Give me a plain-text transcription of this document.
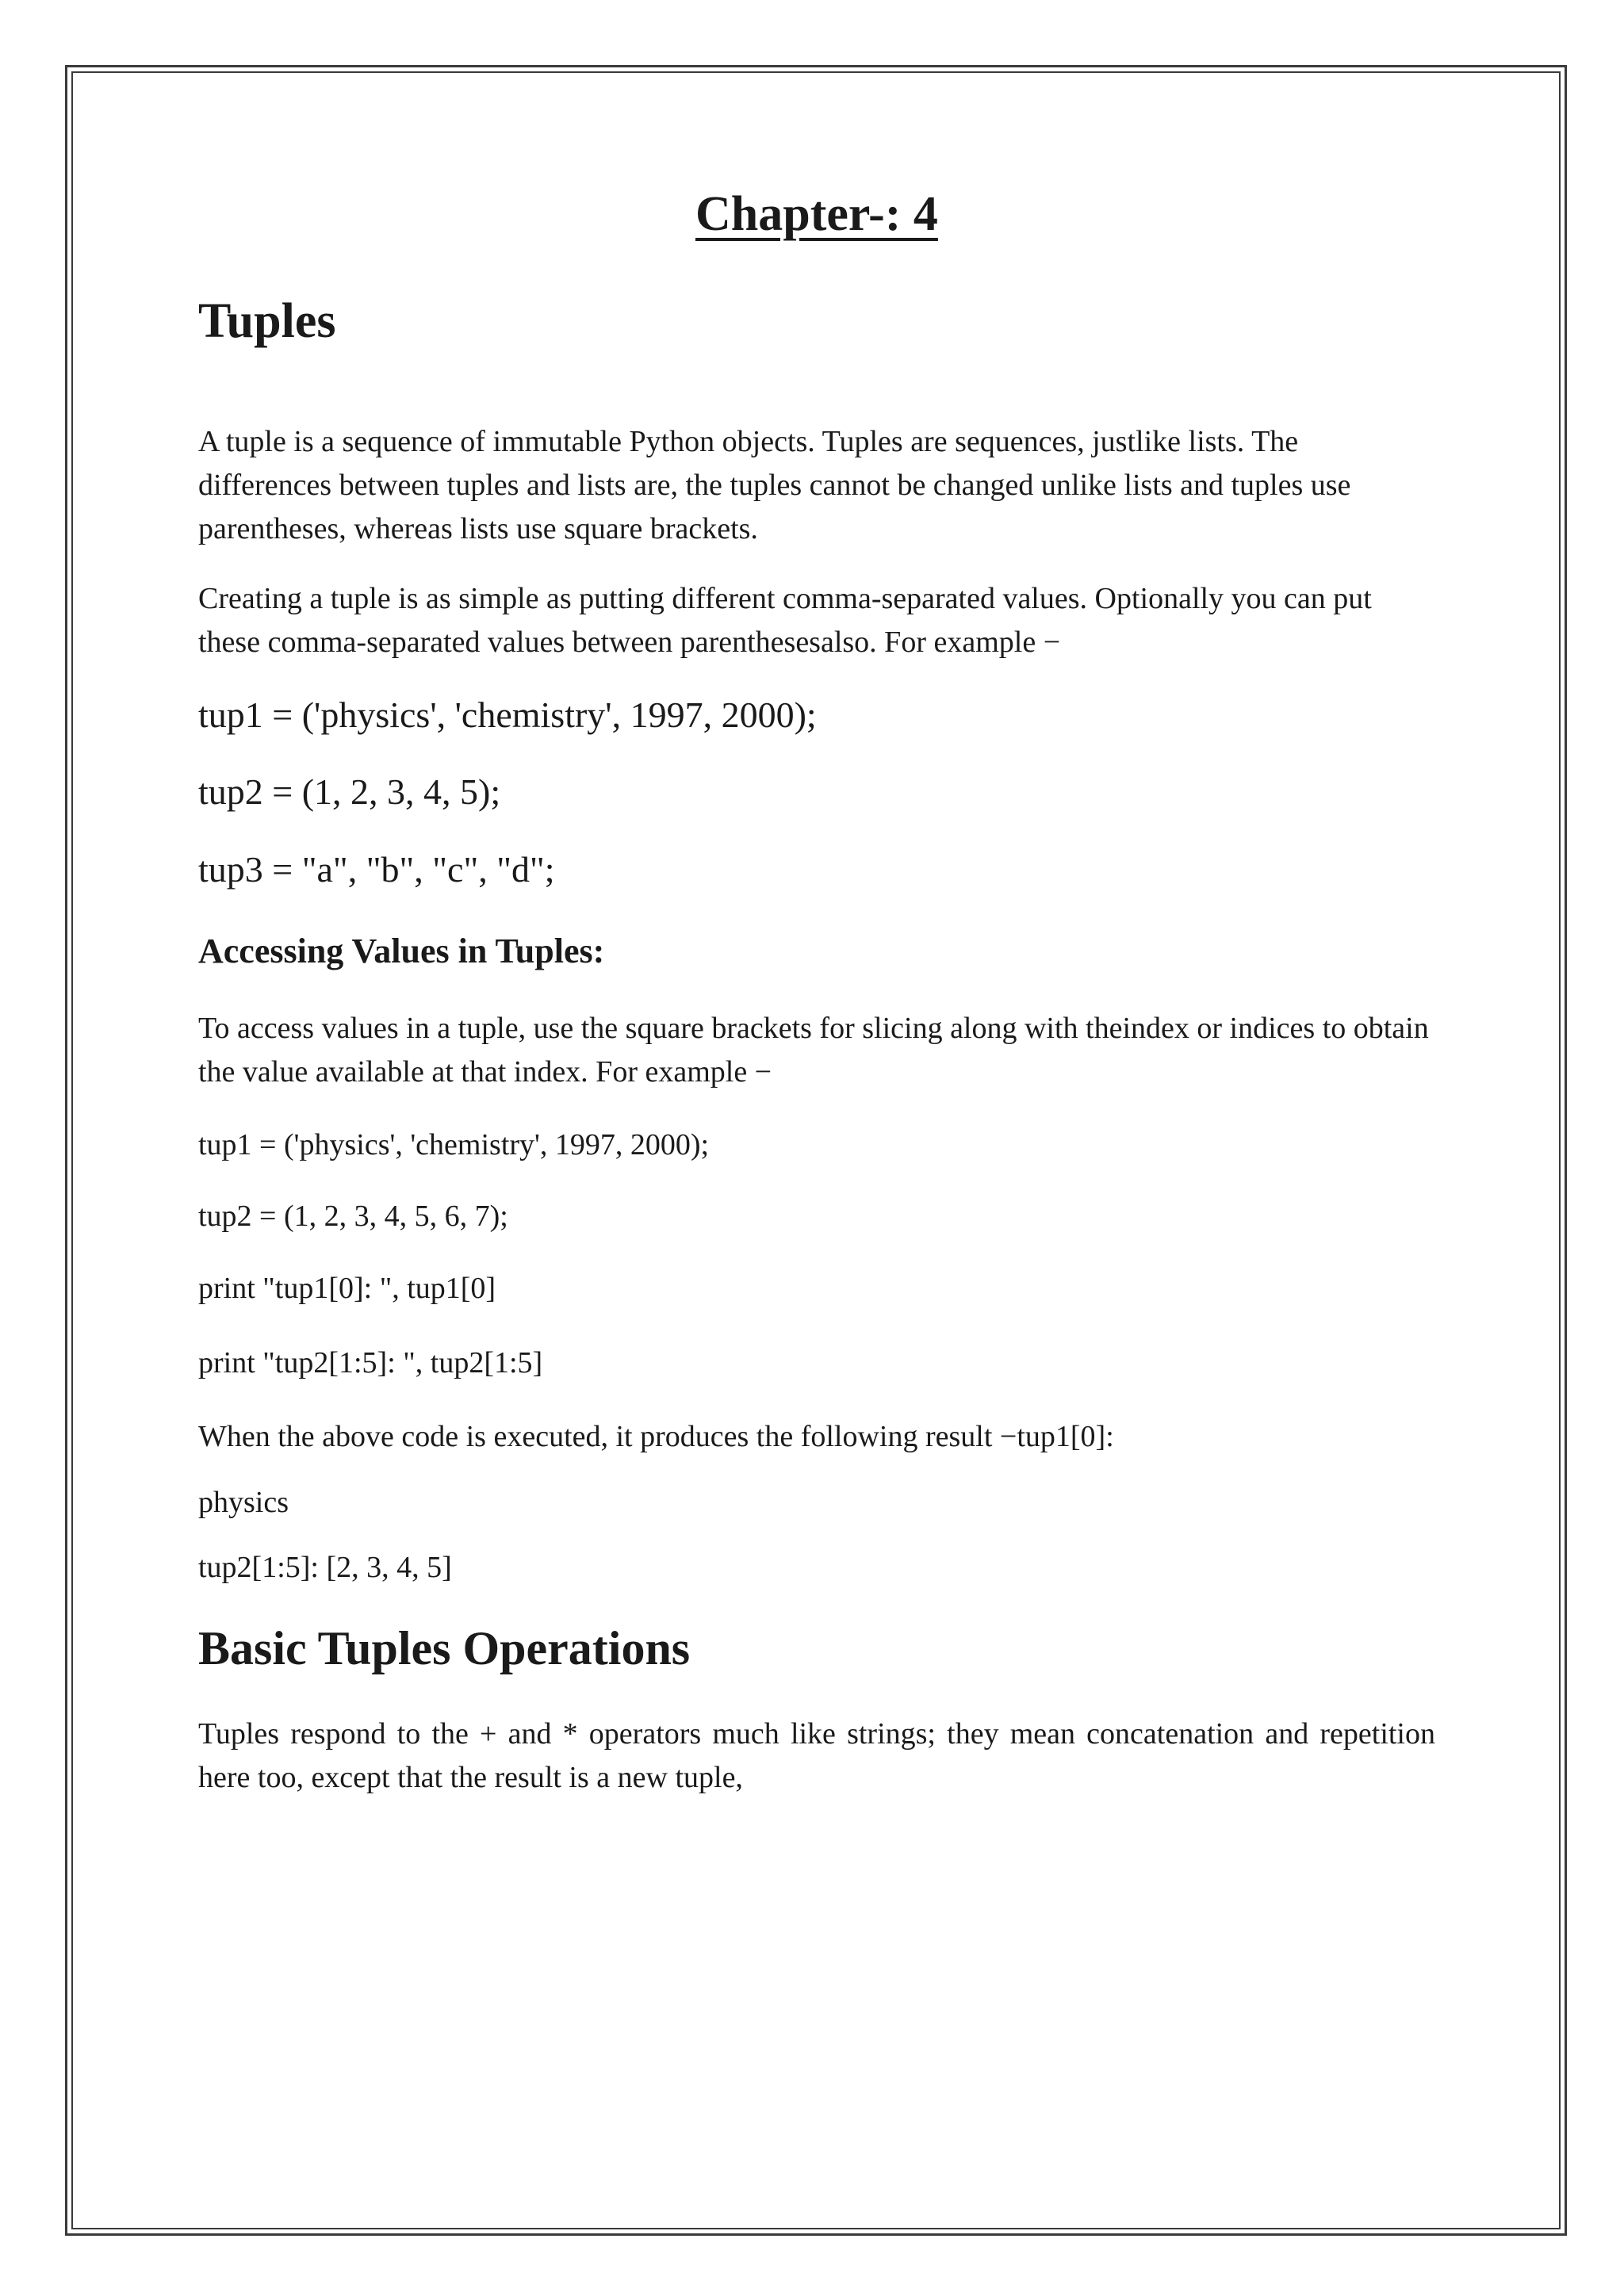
Chapter-: 4
Tuples

A tuple is a sequence of immutable Python objects. Tuples are sequences, justlike lists. The differences between tuples and lists are, the tuples cannot be changed unlike lists and tuples use parentheses, whereas lists use square brackets.

Creating a tuple is as simple as putting different comma-separated values. Optionally you can put these comma-separated values between parenthesesalso. For example −

tup1 = ('physics', 'chemistry', 1997, 2000);
tup2 = (1, 2, 3, 4, 5);
tup3 = "a", "b", "c", "d";
Accessing Values in Tuples:

To access values in a tuple, use the square brackets for slicing along with theindex or indices to obtain the value available at that index. For example −

tup1 = ('physics', 'chemistry', 1997, 2000);
tup2 = (1, 2, 3, 4, 5, 6, 7);
print "tup1[0]: ", tup1[0]
print "tup2[1:5]: ", tup2[1:5]
When the above code is executed, it produces the following result −tup1[0]:
physics
tup2[1:5]: [2, 3, 4, 5]
Basic Tuples Operations

Tuples respond to the + and * operators much like strings; they mean concatenation and repetition here too, except that the result is a new tuple,
